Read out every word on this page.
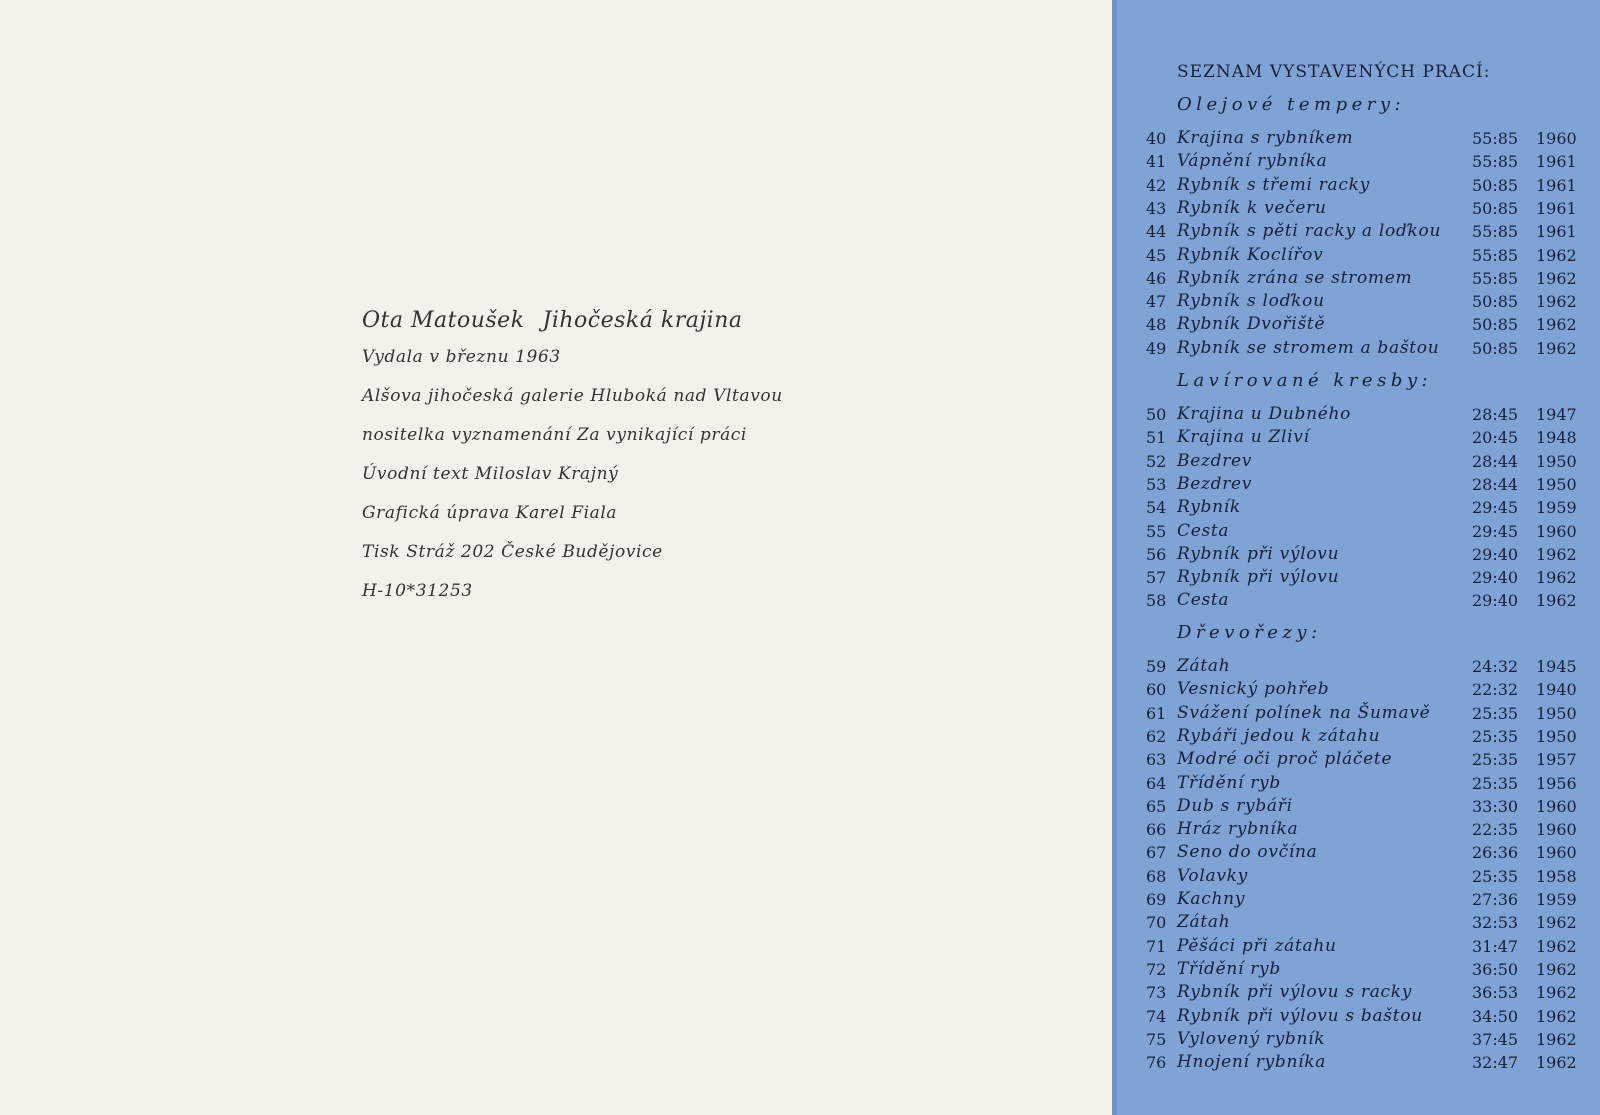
Ota Matoušek Jihočeská krajina
Vydala v březnu 1963
Alšova jihočeská galerie Hluboká nad Vltavou
nositelka vyznamenání Za vynikající práci
Úvodní text Miloslav Krajný
Grafická úprava Karel Fiala
Tisk Stráž 202 České Budějovice
H-10*31253
SEZNAM VYSTAVENÝCH PRACÍ:
Olejové tempery:
40 Krajina s rybníkem	55:85	1960
41 Vápnění rybníka	55:85	1961
42 Rybník s třemi racky	50:85	1961
43 Rybník k večeru	50:85	1961
44 Rybník s pěti racky a loďkou 55:85	1961
45 Rybník Koclířov	55:85	1962
46 Rybník zrána se stromem	55:85	1962
47 Rybník s loďkou	50:85	1962
48 Rybník Dvořiště	50:85	1962
49 Rybník se stromem a baštou 50:85	1962
Lavírované kresby:
50 Krajina u Dubného	28:45	1947
51 Krajina u Zliví	20:45	1948
52 Bezdrev	28:44	1950
53 Bezdrev	28:44	1950
54 Rybník	29:45	1959
55 Cesta	29:45	1960
56 Rybník při výlovu	29:40	1962
57 Rybník při výlovu	29:40	1962
58 Cesta	29:40	1962
Dřevořezy:
59 Zátah	24:32	1945
60 Vesnický pohřeb	22:32	1940
61 Svážení polínek na Šumavě	25:35	1950
62 Rybáři jedou k zátahu	25:35	1950
63 Modré oči proč pláčete	25:35	1957
64 Třídění ryb	25:35	1956
65 Dub s rybáři	33:30	1960
66 Hráz rybníka	22:35	1960
67 Seno do ovčína	26:36	1960
68 Volavky	25:35	1958
69 Kachny	27:36	1959
70 Zátah	32:53	1962
71 Pěšáci při zátahu	31:47	1962
72 Třídění ryb	36:50	1962
73 Rybník při výlovu s racky	36:53	1962
74 Rybník při výlovu s baštou	34:50	1962
75 Vylovený rybník	37:45	1962
76 Hnojení rybníka	32:47	1962
